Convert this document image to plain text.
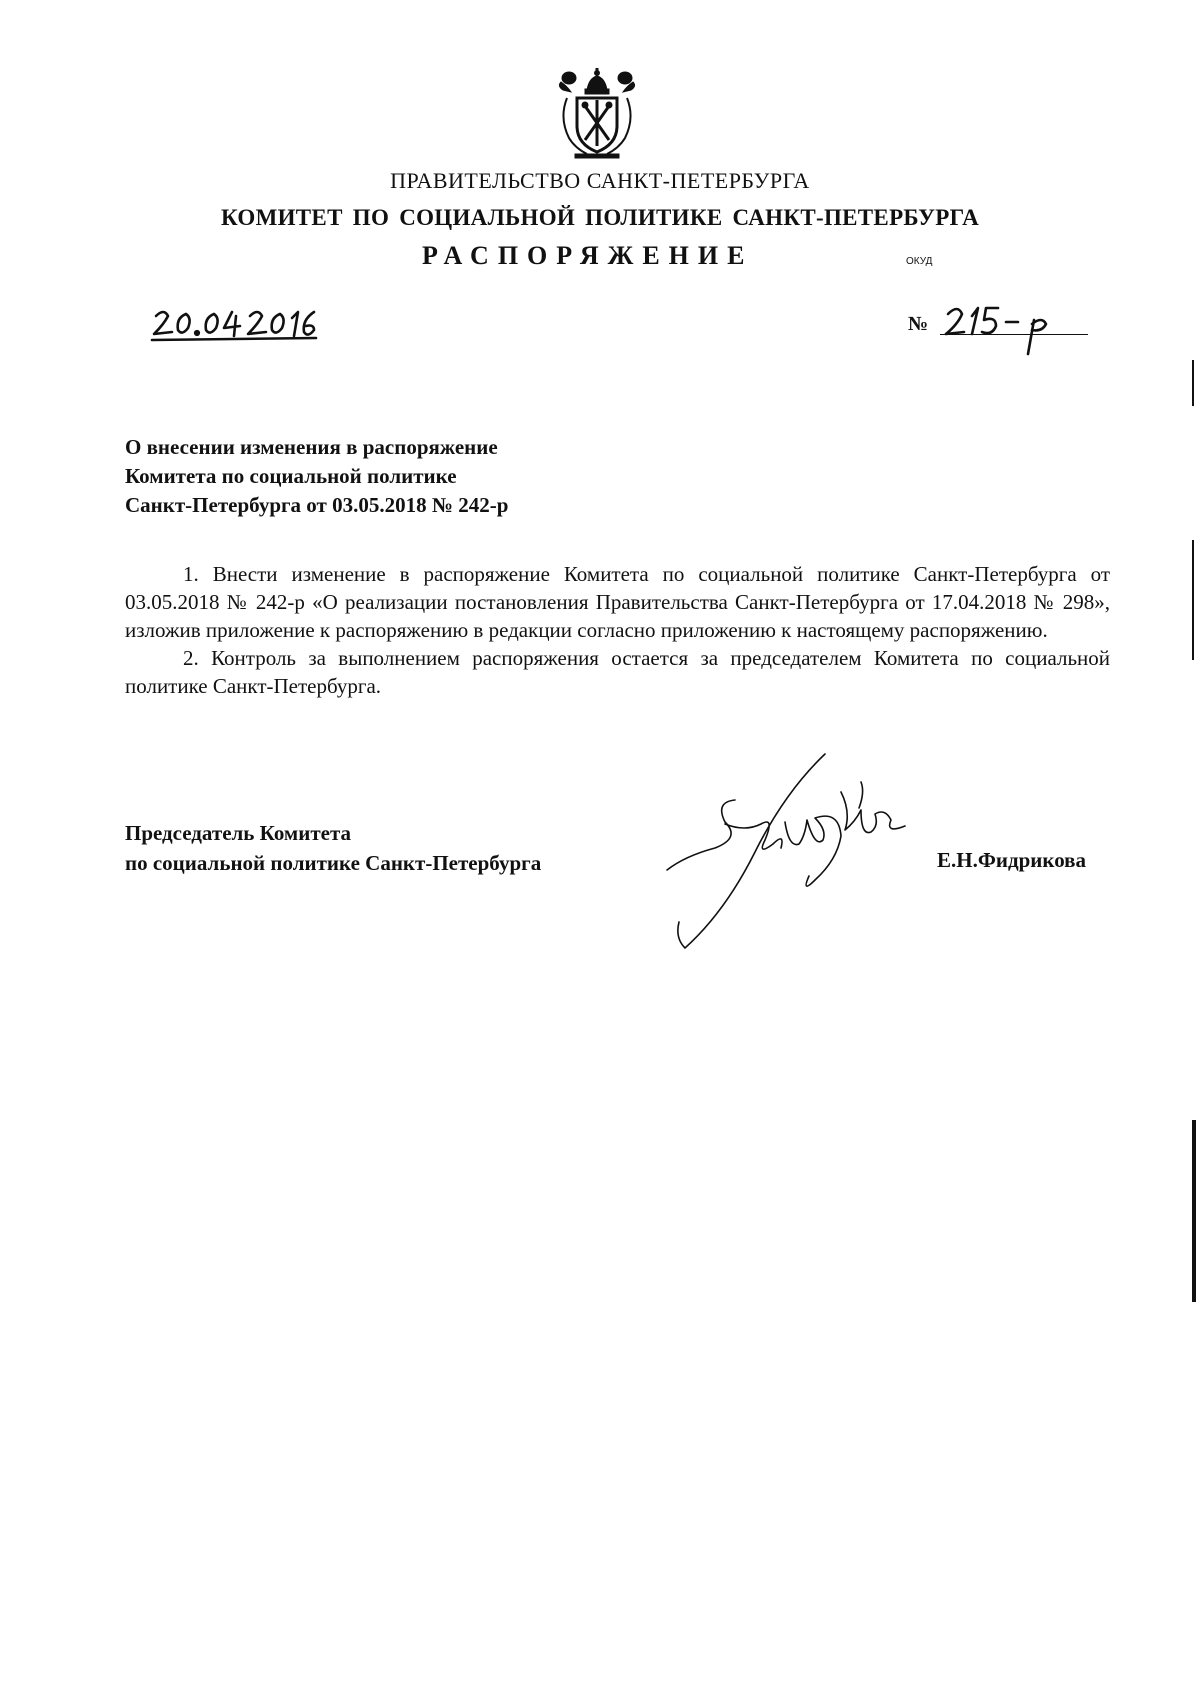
ПРАВИТЕЛЬСТВО САНКТ-ПЕТЕРБУРГА
КОМИТЕТ ПО СОЦИАЛЬНОЙ ПОЛИТИКЕ САНКТ-ПЕТЕРБУРГА
РАСПОРЯЖЕНИЕ	ОКУД
№
О внесении изменения в распоряжение
Комитета по социальной политике
Санкт-Петербурга от 03.05.2018 № 242-р

1. Внести изменение в распоряжение Комитета по социальной политике Санкт-Петербурга от 03.05.2018 № 242-р «О реализации постановления Правительства Санкт-Петербурга от 17.04.2018 № 298», изложив приложение к распоряжению в редакции согласно приложению к настоящему распоряжению.

2. Контроль за выполнением распоряжения остается за председателем Комитета по социальной политике Санкт-Петербурга.

Председатель Комитета
по социальной политике Санкт-Петербурга	Е.Н.Фидрикова
